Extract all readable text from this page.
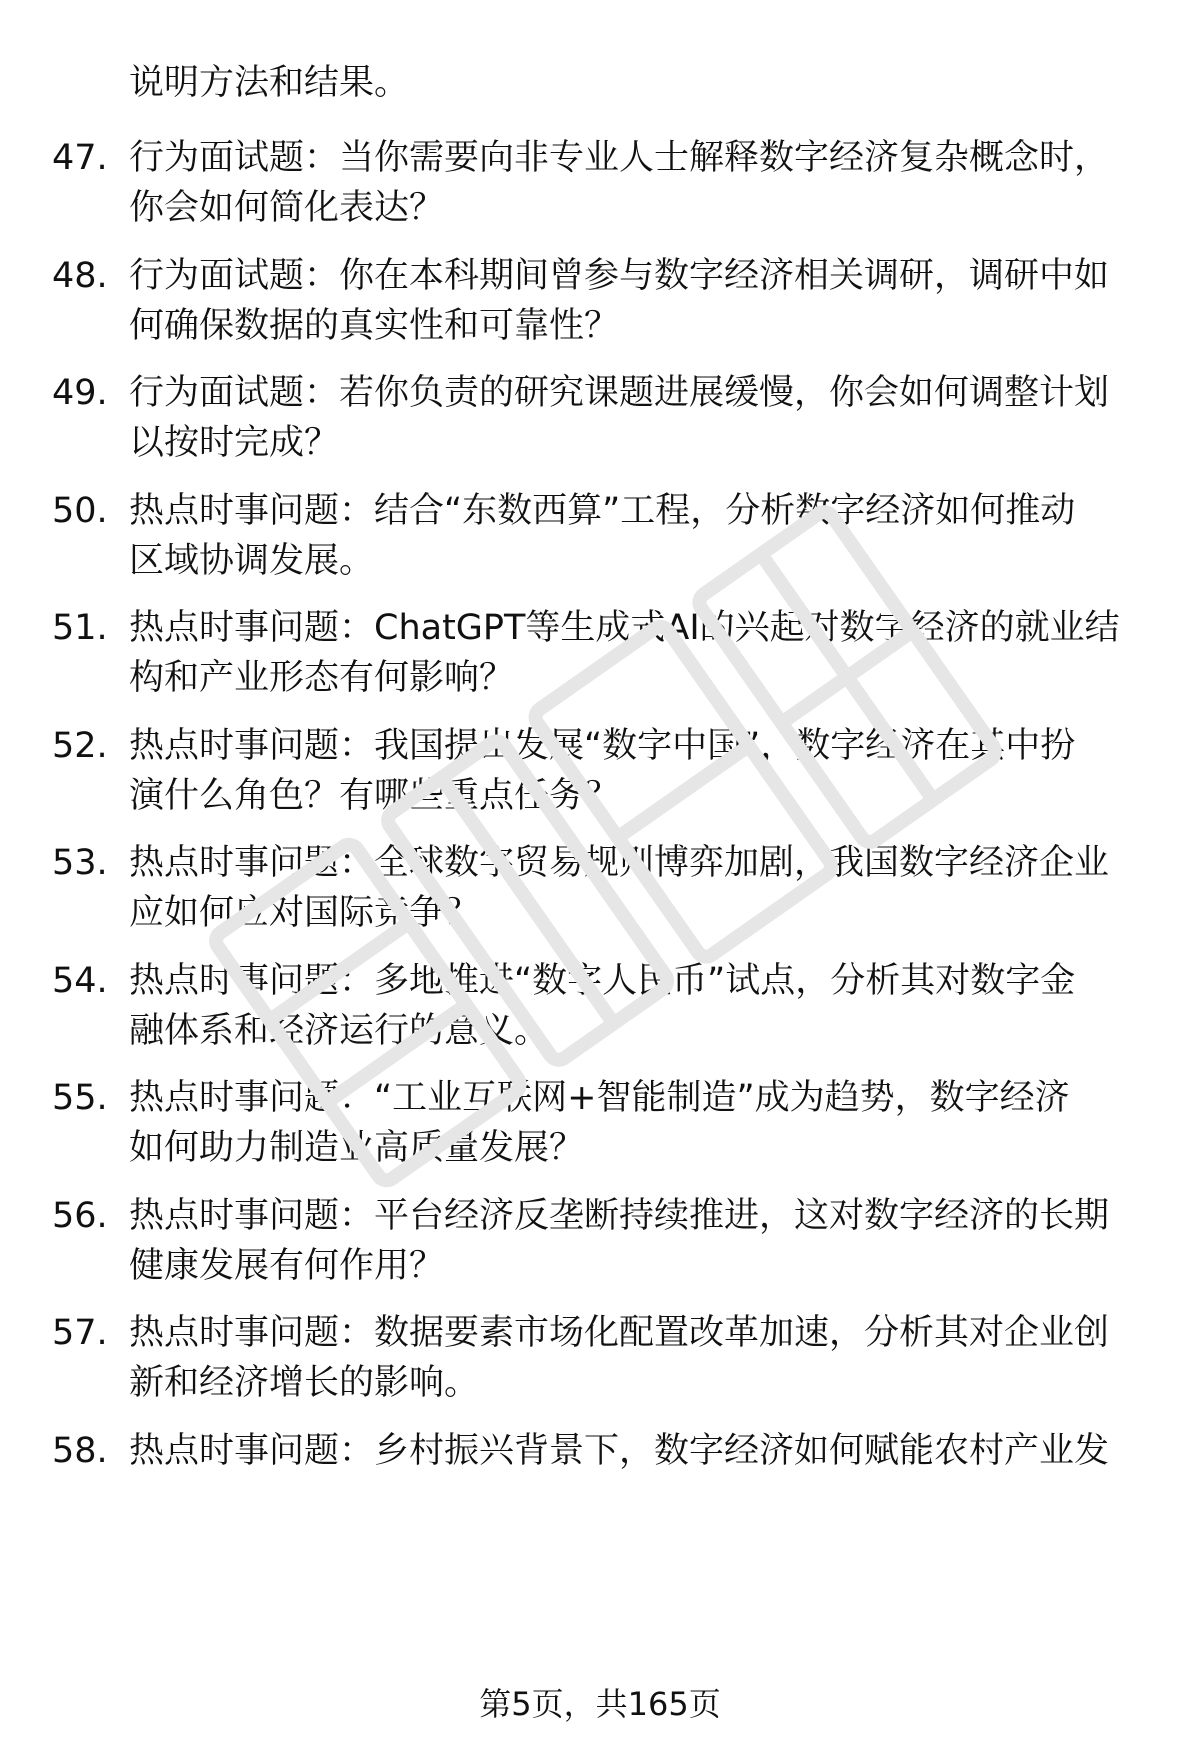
说明方法和结果。
47. 行为面试题：当你需要向非专业人士解释数字经济复杂概念时，
你会如何简化表达？
48. 行为面试题：你在本科期间曾参与数字经济相关调研，调研中如
何确保数据的真实性和可靠性？
49. 行为面试题：若你负责的研究课题进展缓慢，你会如何调整计划
以按时完成？
50. 热点时事问题：结合“东数西算”工程，分析数字经济如何推动
区域协调发展。
51. 热点时事问题：ChatGPT等生成式AI的兴起对数字经济的就业结
构和产业形态有何影响？
52. 热点时事问题：我国提出发展“数字中国”，数字经济在其中扮
演什么角色？有哪些重点任务？
53. 热点时事问题：全球数字贸易规则博弈加剧，我国数字经济企业
应如何应对国际竞争？
54. 热点时事问题：多地推进“数字人民币”试点，分析其对数字金
融体系和经济运行的意义。
55. 热点时事问题：“工业互联网+智能制造”成为趋势，数字经济
如何助力制造业高质量发展？
56. 热点时事问题：平台经济反垄断持续推进，这对数字经济的长期
健康发展有何作用？
57. 热点时事问题：数据要素市场化配置改革加速，分析其对企业创
新和经济增长的影响。
58. 热点时事问题：乡村振兴背景下，数字经济如何赋能农村产业发
第5页，共165页
